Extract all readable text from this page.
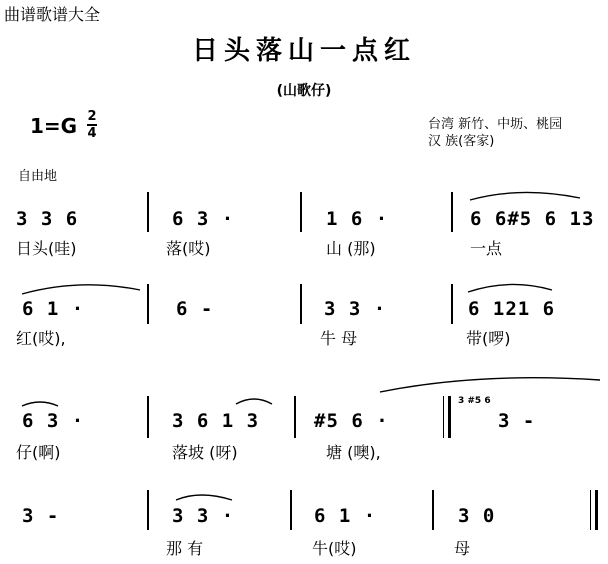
曲谱歌谱大全
日头落山一点红
(山歌仔)
1=G 2
4
台湾 新竹、中坜、桃园
汉 族(客家)
自由地
3 3 6
日头(哇)
6 3 ·
落(哎)
1 6 ·
山 (那)
6 6#5 6 13
一点
6 1 ·
红(哎),
6 -	3 3 ·
牛 母
6 121 6
带(啰)
6 3 ·
仔(啊)
3 6 1 3
落坡 (呀)
#5 6 ·
塘 (噢),
3 #5 6
3 -
3 -	3 3 ·
那 有
6 1 ·
牛(哎)
3 0
母
